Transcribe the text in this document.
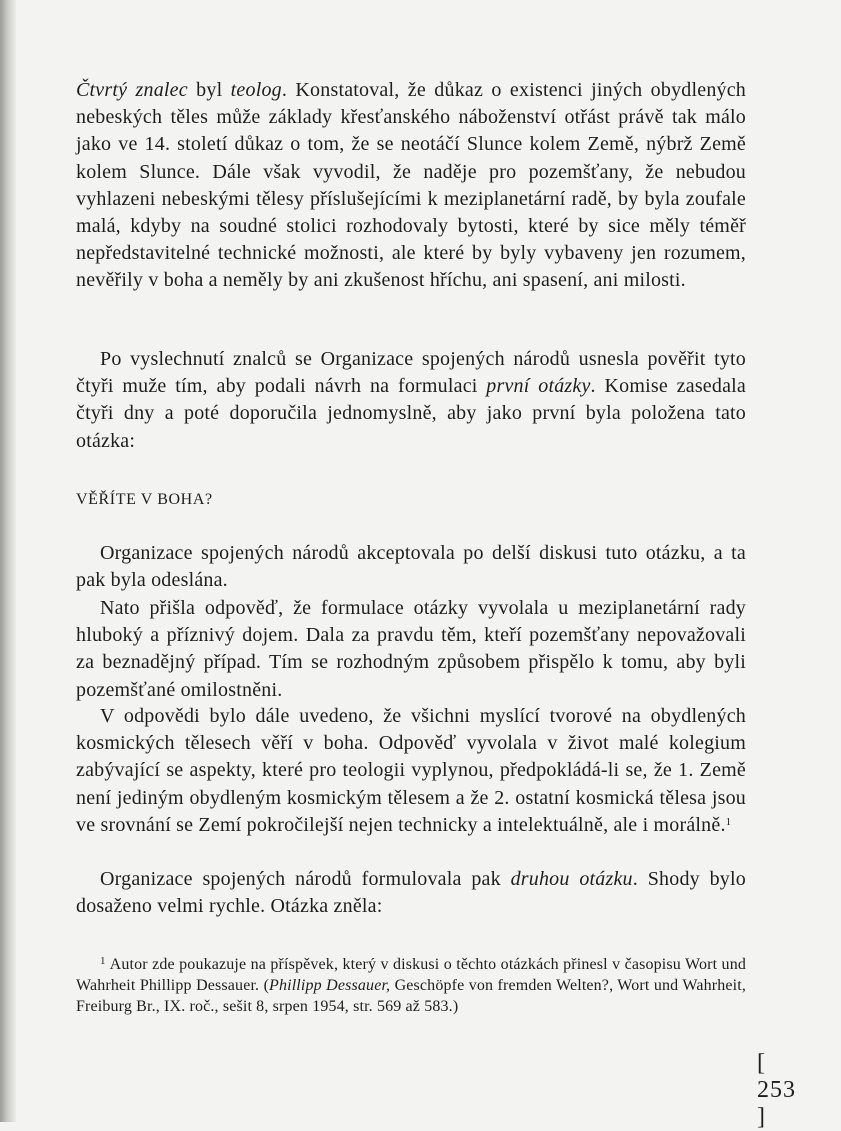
Čtvrtý znalec byl teolog. Konstatoval, že důkaz o existenci jiných obydlených nebeských těles může základy křesťanského náboženství otřást právě tak málo jako ve 14. století důkaz o tom, že se neotáčí Slunce kolem Země, nýbrž Země kolem Slunce. Dále však vyvodil, že naděje pro pozemšťany, že nebudou vyhlazeni nebeskými tělesy příslušejícími k meziplanetární radě, by byla zoufale malá, kdyby na soudné stolici rozhodovaly bytosti, které by sice měly téměř nepředstavitelné technické možnosti, ale které by byly vybaveny jen rozumem, nevěřily v boha a neměly by ani zkušenost hříchu, ani spasení, ani milosti.

Po vyslechnutí znalců se Organizace spojených národů usnesla pověřit tyto čtyři muže tím, aby podali návrh na formulaci první otázky. Komise zasedala čtyři dny a poté doporučila jednomyslně, aby jako první byla položena tato otázka:

VĚŘÍTE V BOHA?

Organizace spojených národů akceptovala po delší diskusi tuto otázku, a ta pak byla odeslána.

Nato přišla odpověď, že formulace otázky vyvolala u meziplanetární rady hluboký a příznivý dojem. Dala za pravdu těm, kteří pozemšťany nepovažovali za beznadějný případ. Tím se rozhodným způsobem přispělo k tomu, aby byli pozemšťané omilostněni.

V odpovědi bylo dále uvedeno, že všichni myslící tvorové na obydlených kosmických tělesech věří v boha. Odpověď vyvolala v život malé kolegium zabývající se aspekty, které pro teologii vyplynou, předpokládá-li se, že 1. Země není jediným obydleným kosmickým tělesem a že 2. ostatní kosmická tělesa jsou ve srovnání se Zemí pokročilejší nejen technicky a intelektuálně, ale i morálně.$^1$

Organizace spojených národů formulovala pak druhou otázku. Shody bylo dosaženo velmi rychle. Otázka zněla:

$^1$ Autor zde poukazuje na příspěvek, který v diskusi o těchto otázkách přinesl v časopisu Wort und Wahrheit Phillipp Dessauer. (Phillipp Dessauer, Geschöpfe von fremden Welten?, Wort und Wahrheit, Freiburg Br., IX. roč., sešit 8, srpen 1954, str. 569 až 583.)

[ 253 ]
